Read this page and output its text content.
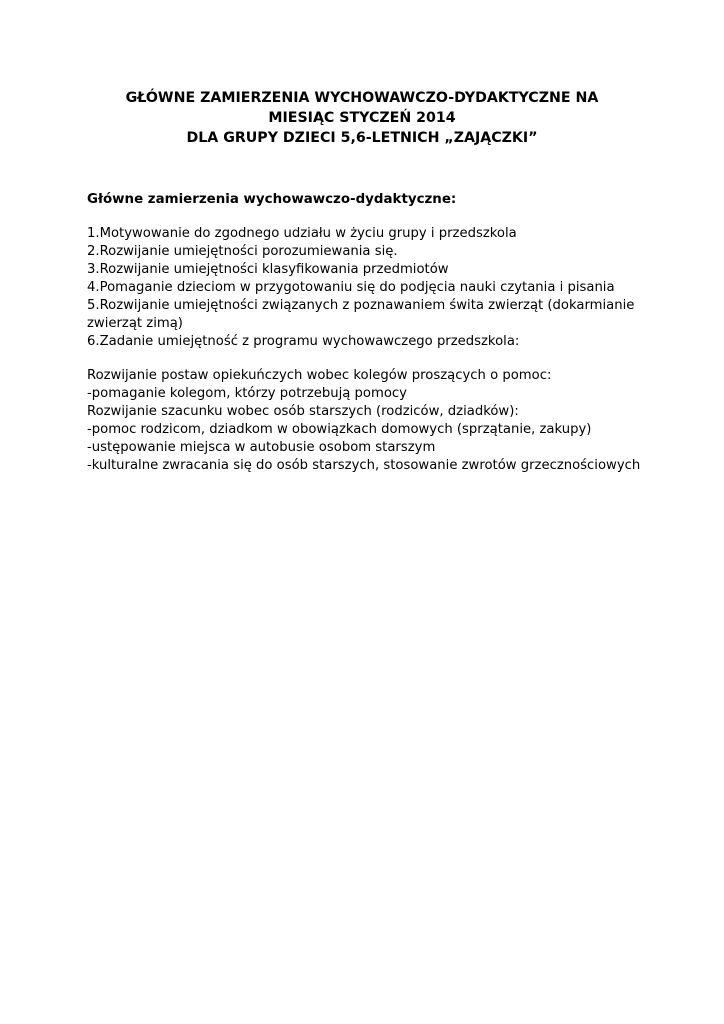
GŁÓWNE ZAMIERZENIA WYCHOWAWCZO-DYDAKTYCZNE NA
MIESIĄC STYCZEŃ 2014
DLA GRUPY DZIECI 5,6-LETNICH „ZAJĄCZKI”
Główne zamierzenia wychowawczo-dydaktyczne:
1.Motywowanie do zgodnego udziału w życiu grupy i przedszkola
2.Rozwijanie umiejętności porozumiewania się.
3.Rozwijanie umiejętności klasyfikowania przedmiotów
4.Pomaganie dzieciom w przygotowaniu się do podjęcia nauki czytania i pisania
5.Rozwijanie umiejętności związanych z poznawaniem świta zwierząt (dokarmianie
zwierząt zimą)
6.Zadanie umiejętność z programu wychowawczego przedszkola:
Rozwijanie postaw opiekuńczych wobec kolegów proszących o pomoc:
-pomaganie kolegom, którzy potrzebują pomocy
Rozwijanie szacunku wobec osób starszych (rodziców, dziadków):
-pomoc rodzicom, dziadkom w obowiązkach domowych (sprzątanie, zakupy)
-ustępowanie miejsca w autobusie osobom starszym
-kulturalne zwracania się do osób starszych, stosowanie zwrotów grzecznościowych
